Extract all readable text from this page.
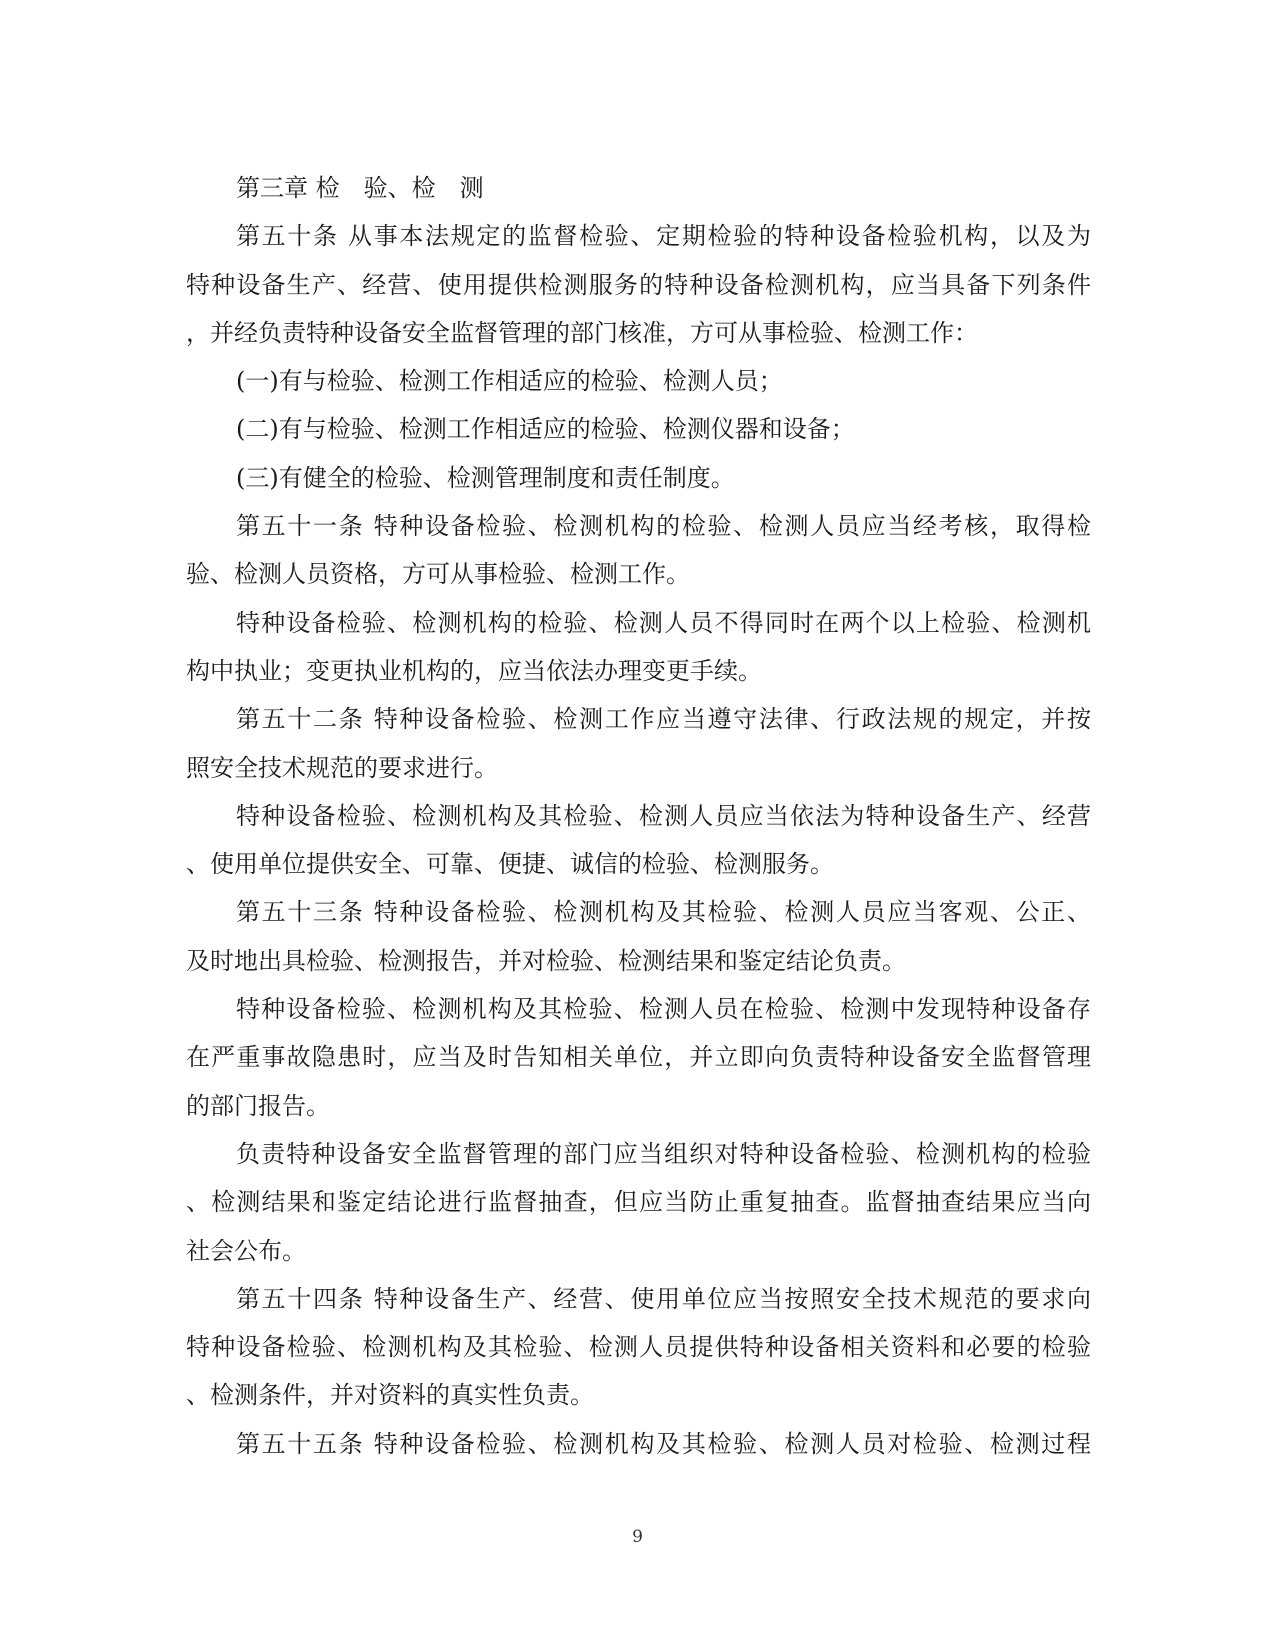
第三章 检　验、检　测
第五十条 从事本法规定的监督检验、定期检验的特种设备检验机构，以及为
特种设备生产、经营、使用提供检测服务的特种设备检测机构，应当具备下列条件
，并经负责特种设备安全监督管理的部门核准，方可从事检验、检测工作：
(一)有与检验、检测工作相适应的检验、检测人员；
(二)有与检验、检测工作相适应的检验、检测仪器和设备；
(三)有健全的检验、检测管理制度和责任制度。
第五十一条 特种设备检验、检测机构的检验、检测人员应当经考核，取得检
验、检测人员资格，方可从事检验、检测工作。
特种设备检验、检测机构的检验、检测人员不得同时在两个以上检验、检测机
构中执业；变更执业机构的，应当依法办理变更手续。
第五十二条 特种设备检验、检测工作应当遵守法律、行政法规的规定，并按
照安全技术规范的要求进行。
特种设备检验、检测机构及其检验、检测人员应当依法为特种设备生产、经营
、使用单位提供安全、可靠、便捷、诚信的检验、检测服务。
第五十三条 特种设备检验、检测机构及其检验、检测人员应当客观、公正、
及时地出具检验、检测报告，并对检验、检测结果和鉴定结论负责。
特种设备检验、检测机构及其检验、检测人员在检验、检测中发现特种设备存
在严重事故隐患时，应当及时告知相关单位，并立即向负责特种设备安全监督管理
的部门报告。
负责特种设备安全监督管理的部门应当组织对特种设备检验、检测机构的检验
、检测结果和鉴定结论进行监督抽查，但应当防止重复抽查。监督抽查结果应当向
社会公布。
第五十四条 特种设备生产、经营、使用单位应当按照安全技术规范的要求向
特种设备检验、检测机构及其检验、检测人员提供特种设备相关资料和必要的检验
、检测条件，并对资料的真实性负责。
第五十五条 特种设备检验、检测机构及其检验、检测人员对检验、检测过程
9
